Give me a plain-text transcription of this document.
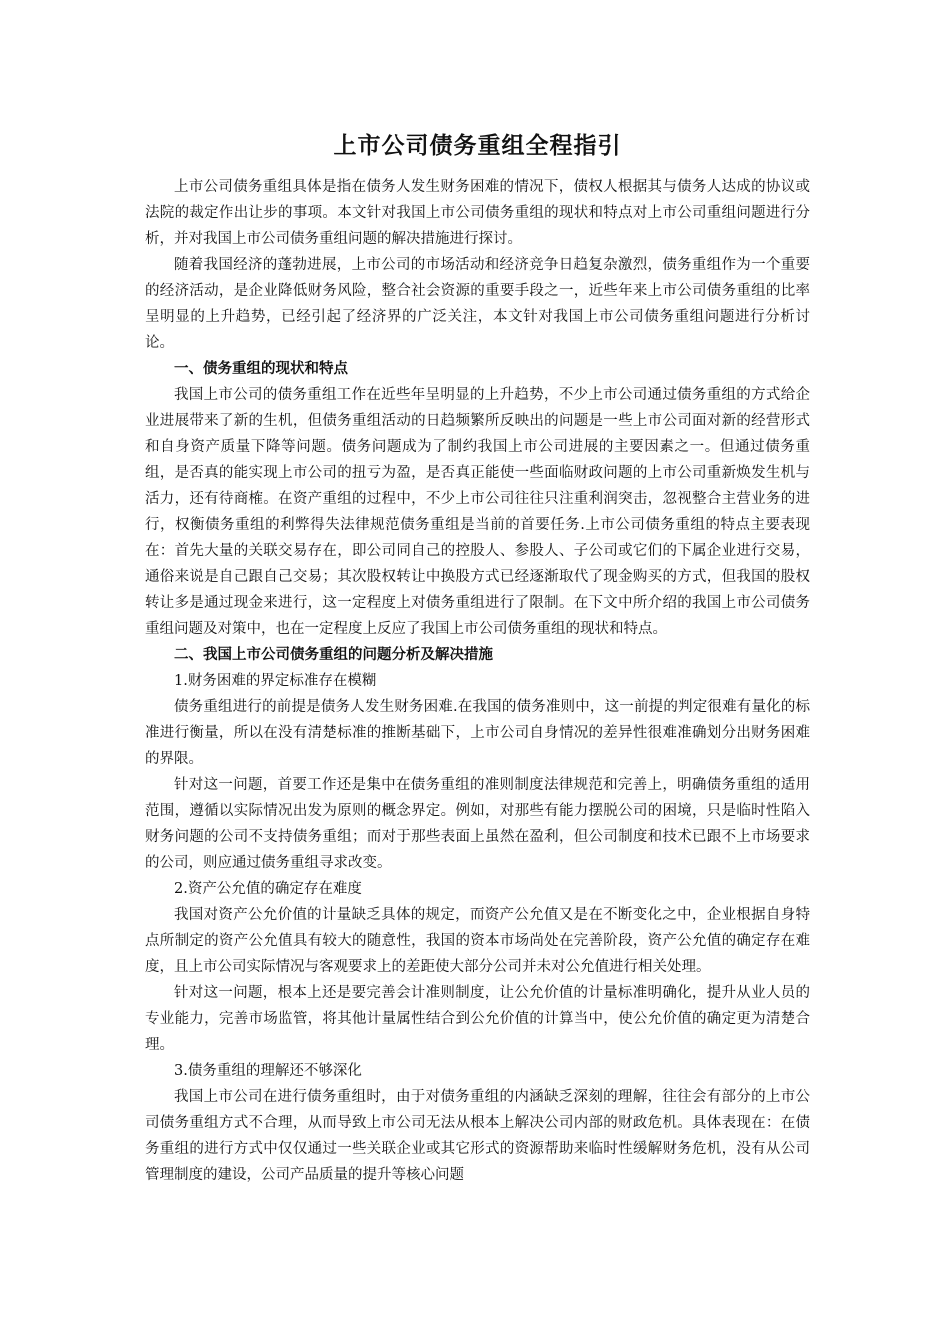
上市公司债务重组全程指引

上市公司债务重组具体是指在债务人发生财务困难的情况下，债权人根据其与债务人达成的协议或法院的裁定作出让步的事项。本文针对我国上市公司债务重组的现状和特点对上市公司重组问题进行分析，并对我国上市公司债务重组问题的解决措施进行探讨。

随着我国经济的蓬勃进展，上市公司的市场活动和经济竞争日趋复杂激烈，债务重组作为一个重要的经济活动，是企业降低财务风险，整合社会资源的重要手段之一，近些年来上市公司债务重组的比率呈明显的上升趋势，已经引起了经济界的广泛关注，本文针对我国上市公司债务重组问题进行分析讨论。

一、债务重组的现状和特点

我国上市公司的债务重组工作在近些年呈明显的上升趋势，不少上市公司通过债务重组的方式给企业进展带来了新的生机，但债务重组活动的日趋频繁所反映出的问题是一些上市公司面对新的经营形式和自身资产质量下降等问题。债务问题成为了制约我国上市公司进展的主要因素之一。但通过债务重组，是否真的能实现上市公司的扭亏为盈，是否真正能使一些面临财政问题的上市公司重新焕发生机与活力，还有待商榷。在资产重组的过程中，不少上市公司往往只注重利润突击，忽视整合主营业务的进行，权衡债务重组的利弊得失法律规范债务重组是当前的首要任务.上市公司债务重组的特点主要表现在：首先大量的关联交易存在，即公司同自己的控股人、参股人、子公司或它们的下属企业进行交易，通俗来说是自己跟自己交易；其次股权转让中换股方式已经逐渐取代了现金购买的方式，但我国的股权转让多是通过现金来进行，这一定程度上对债务重组进行了限制。在下文中所介绍的我国上市公司债务重组问题及对策中，也在一定程度上反应了我国上市公司债务重组的现状和特点。

二、我国上市公司债务重组的问题分析及解决措施

1.财务困难的界定标准存在模糊

债务重组进行的前提是债务人发生财务困难.在我国的债务准则中，这一前提的判定很难有量化的标准进行衡量，所以在没有清楚标准的推断基础下，上市公司自身情况的差异性很难准确划分出财务困难的界限。

针对这一问题，首要工作还是集中在债务重组的准则制度法律规范和完善上，明确债务重组的适用范围，遵循以实际情况出发为原则的概念界定。例如，对那些有能力摆脱公司的困境，只是临时性陷入财务问题的公司不支持债务重组；而对于那些表面上虽然在盈利，但公司制度和技术已跟不上市场要求的公司，则应通过债务重组寻求改变。

2.资产公允值的确定存在难度

我国对资产公允价值的计量缺乏具体的规定，而资产公允值又是在不断变化之中，企业根据自身特点所制定的资产公允值具有较大的随意性，我国的资本市场尚处在完善阶段，资产公允值的确定存在难度，且上市公司实际情况与客观要求上的差距使大部分公司并未对公允值进行相关处理。

针对这一问题，根本上还是要完善会计准则制度，让公允价值的计量标准明确化，提升从业人员的专业能力，完善市场监管，将其他计量属性结合到公允价值的计算当中，使公允价值的确定更为清楚合理。

3.债务重组的理解还不够深化

我国上市公司在进行债务重组时，由于对债务重组的内涵缺乏深刻的理解，往往会有部分的上市公司债务重组方式不合理，从而导致上市公司无法从根本上解决公司内部的财政危机。具体表现在：在债务重组的进行方式中仅仅通过一些关联企业或其它形式的资源帮助来临时性缓解财务危机，没有从公司管理制度的建设，公司产品质量的提升等核心问题
